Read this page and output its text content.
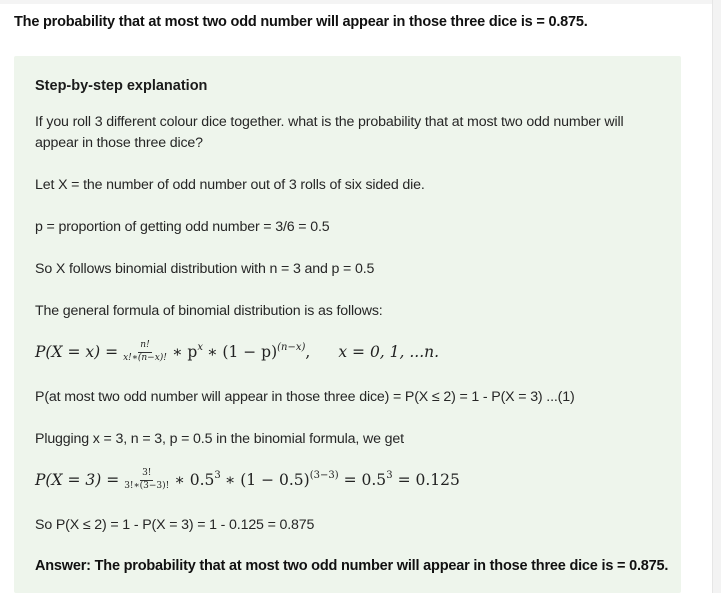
The probability that at most two odd number will appear in those three dice is = 0.875.
Step-by-step explanation
If you roll 3 different colour dice together. what is the probability that at most two odd number will appear in those three dice?
Let X = the number of odd number out of 3 rolls of six sided die.
p = proportion of getting odd number = 3/6 = 0.5
So X follows binomial distribution with n = 3 and p = 0.5
The general formula of binomial distribution is as follows:
$P(X = x) = \frac{n!}{x!∗(n-x)!}$ ∗ p $^x$ ∗ (1 − p) $^{(n-x)}$ , x = 0, 1, ...n.
P(at most two odd number will appear in those three dice) = P(X ≤ 2) = 1 - P(X = 3) ...(1)
Plugging x = 3, n = 3, p = 0.5 in the binomial formula, we get
$P(X = 3) = \frac{3!}{3!∗(3-3)!}$ ∗ $0.5^3$ ∗ $(1 - 0.5)^{(3-3)} = 0.5^3 = 0.125$
So P(X ≤ 2) = 1 - P(X = 3) = 1 - 0.125 = 0.875
Answer: The probability that at most two odd number will appear in those three dice is = 0.875.
